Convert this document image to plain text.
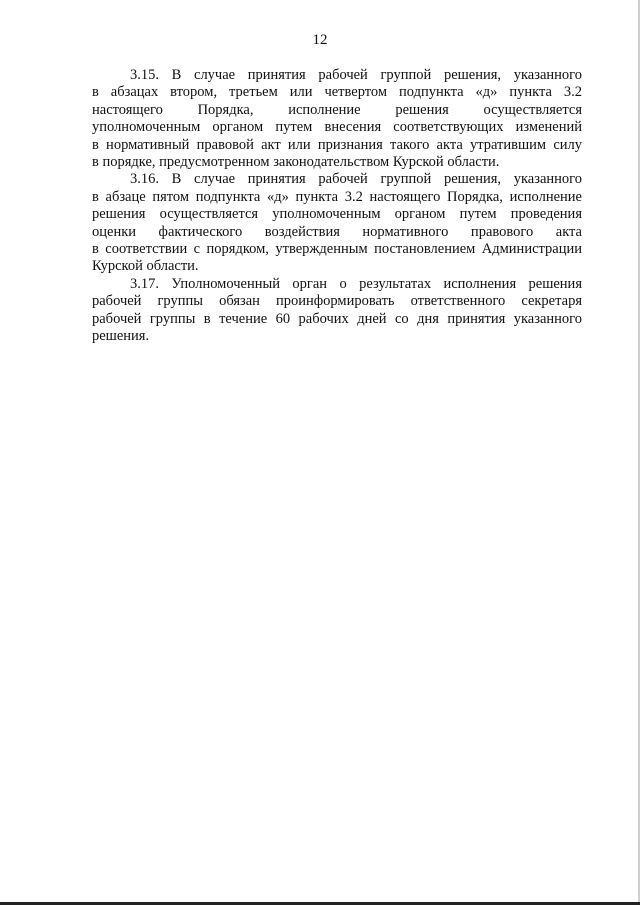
12

3.15. В случае принятия рабочей группой решения, указанного
в абзацах втором, третьем или четвертом подпункта «д» пункта 3.2
настоящего Порядка, исполнение решения осуществляется
уполномоченным органом путем внесения соответствующих изменений
в нормативный правовой акт или признания такого акта утратившим силу
в порядке, предусмотренном законодательством Курской области.

3.16. В случае принятия рабочей группой решения, указанного
в абзаце пятом подпункта «д» пункта 3.2 настоящего Порядка, исполнение
решения осуществляется уполномоченным органом путем проведения
оценки фактического воздействия нормативного правового акта
в соответствии с порядком, утвержденным постановлением Администрации
Курской области.

3.17. Уполномоченный орган о результатах исполнения решения
рабочей группы обязан проинформировать ответственного секретаря
рабочей группы в течение 60 рабочих дней со дня принятия указанного
решения.
